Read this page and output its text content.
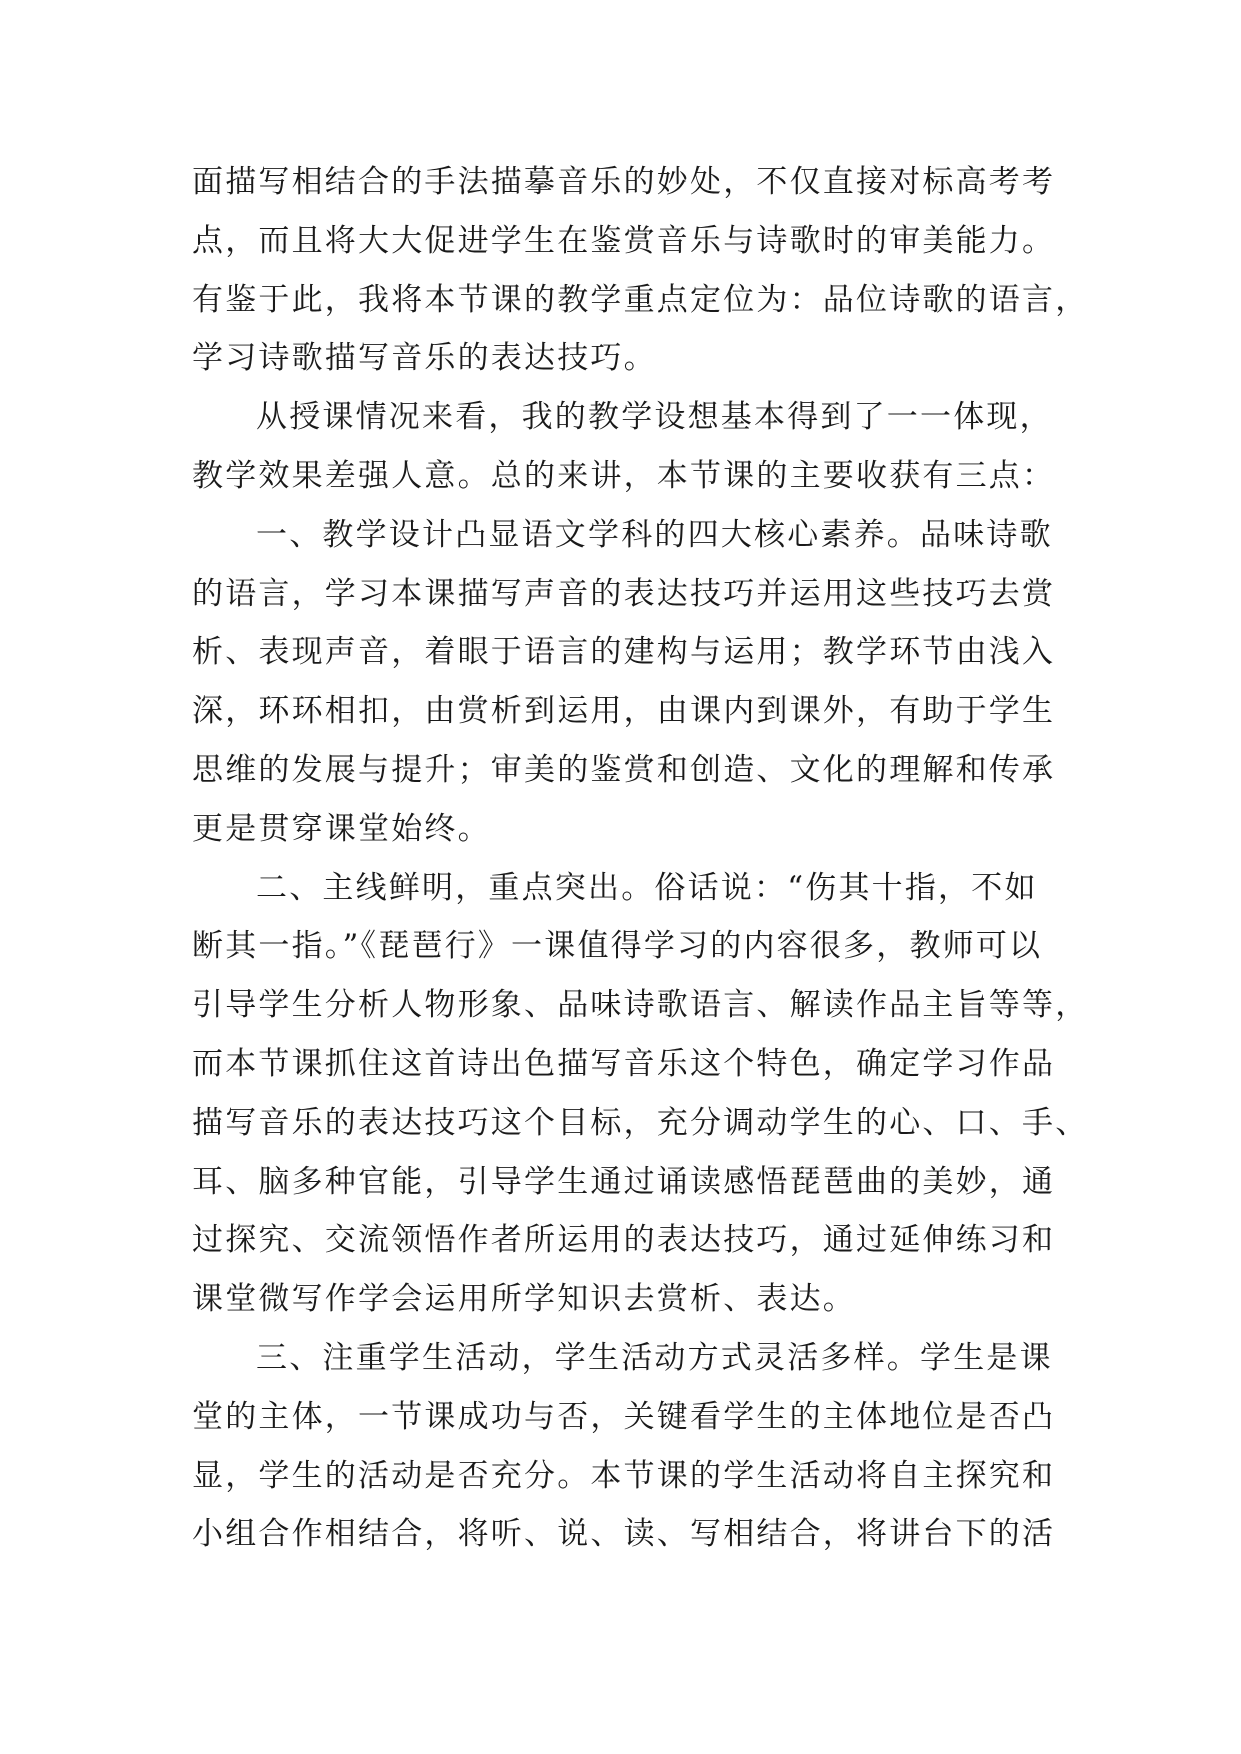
面描写相结合的手法描摹音乐的妙处，不仅直接对标高考考
点，而且将大大促进学生在鉴赏音乐与诗歌时的审美能力。
有鉴于此，我将本节课的教学重点定位为：品位诗歌的语言，
学习诗歌描写音乐的表达技巧。
从授课情况来看，我的教学设想基本得到了一一体现，
教学效果差强人意。总的来讲，本节课的主要收获有三点：
一、教学设计凸显语文学科的四大核心素养。品味诗歌
的语言，学习本课描写声音的表达技巧并运用这些技巧去赏
析、表现声音，着眼于语言的建构与运用；教学环节由浅入
深，环环相扣，由赏析到运用，由课内到课外，有助于学生
思维的发展与提升；审美的鉴赏和创造、文化的理解和传承
更是贯穿课堂始终。
二、主线鲜明，重点突出。俗话说：“伤其十指，不如
断其一指。”《琵琶行》一课值得学习的内容很多，教师可以
引导学生分析人物形象、品味诗歌语言、解读作品主旨等等，
而本节课抓住这首诗出色描写音乐这个特色，确定学习作品
描写音乐的表达技巧这个目标，充分调动学生的心、口、手、
耳、脑多种官能，引导学生通过诵读感悟琵琶曲的美妙，通
过探究、交流领悟作者所运用的表达技巧，通过延伸练习和
课堂微写作学会运用所学知识去赏析、表达。
三、注重学生活动，学生活动方式灵活多样。学生是课
堂的主体，一节课成功与否，关键看学生的主体地位是否凸
显，学生的活动是否充分。本节课的学生活动将自主探究和
小组合作相结合，将听、说、读、写相结合，将讲台下的活
